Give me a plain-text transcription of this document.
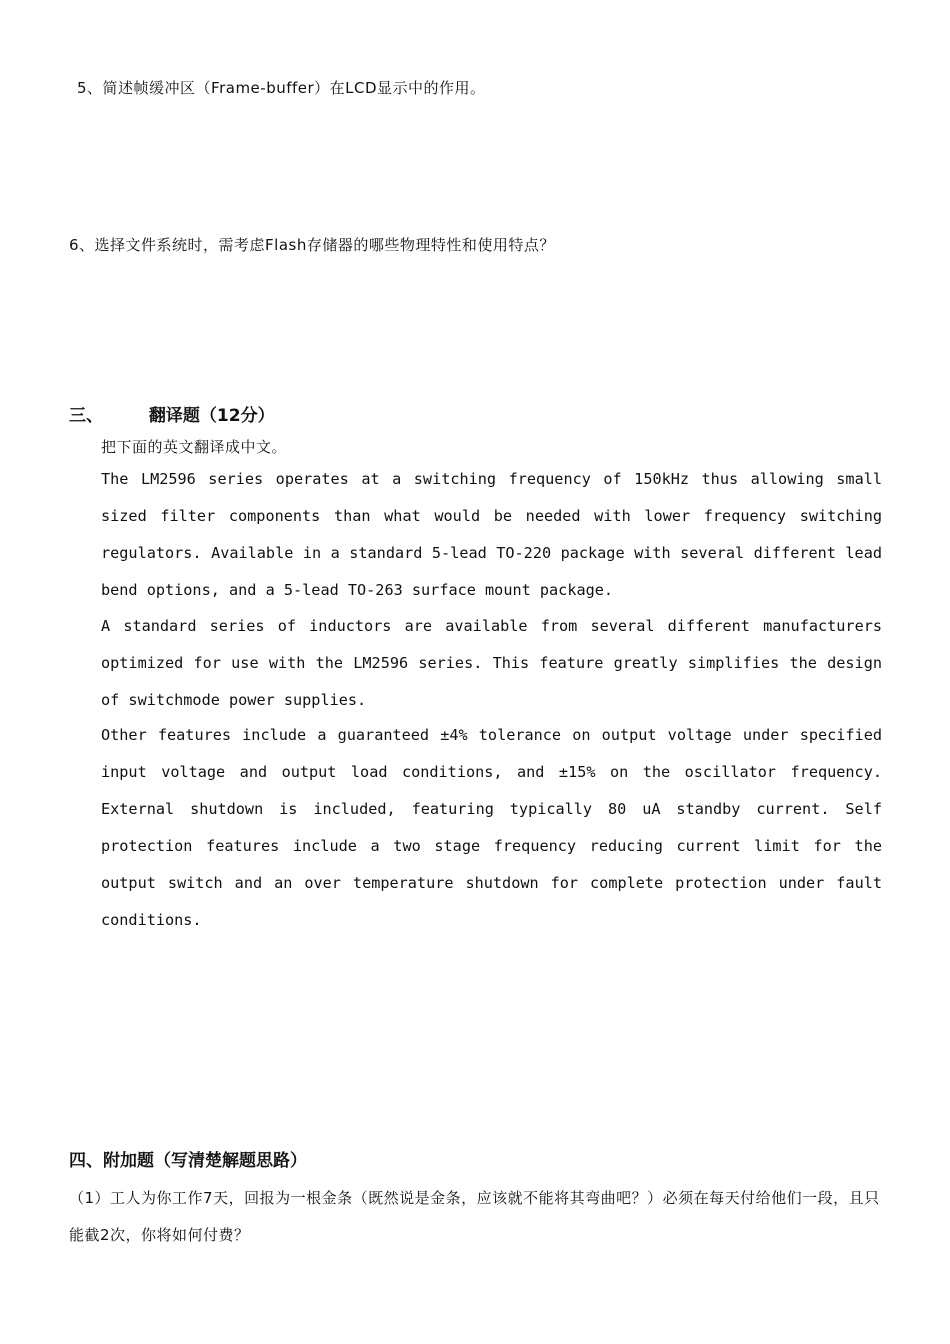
5、简述帧缓冲区（Frame-buffer）在LCD显示中的作用。
6、选择文件系统时，需考虑Flash存储器的哪些物理特性和使用特点？
三、	翻译题（12分）
把下面的英文翻译成中文。
The LM2596 series operates at a switching frequency of 150kHz thus allowing small sized filter components than what would be needed with lower frequency switching regulators. Available in a standard 5-lead TO-220 package with several different lead bend options, and a 5-lead TO-263 surface mount package.
A standard series of inductors are available from several different manufacturers optimized for use with the LM2596 series. This feature greatly simplifies the design of switchmode power supplies.
Other features include a guaranteed ±4% tolerance on output voltage under specified input voltage and output load conditions, and ±15% on the oscillator frequency. External shutdown is included, featuring typically 80 uA standby current. Self protection features include a two stage frequency reducing current limit for the output switch and an over temperature shutdown for complete protection under fault conditions.
四、附加题（写清楚解题思路）
（1）工人为你工作7天，回报为一根金条（既然说是金条，应该就不能将其弯曲吧？）必须在每天付给他们一段，且只能截2次，你将如何付费？
